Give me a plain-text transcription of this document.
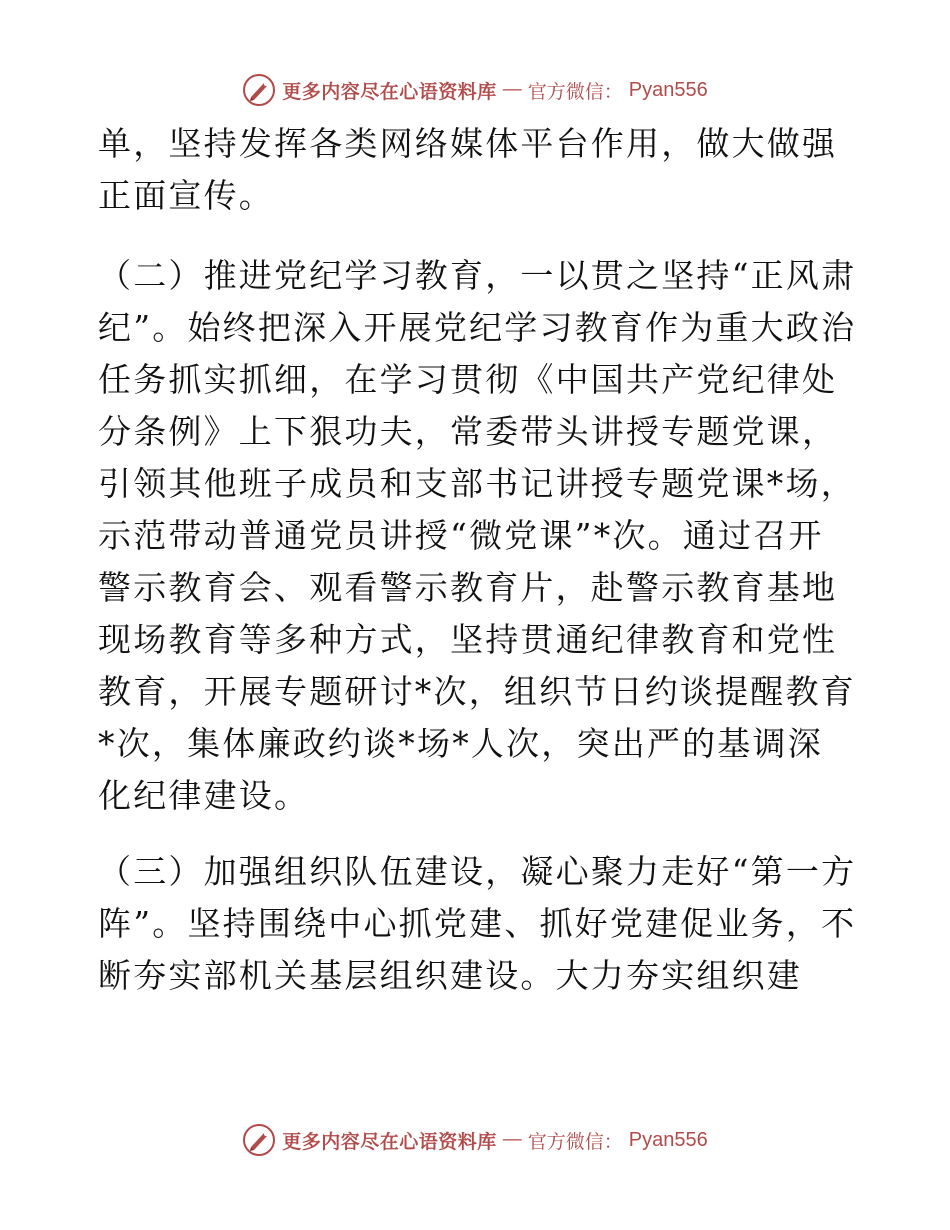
更多内容尽在心语资料库 — 官方微信： Pyan556

单，坚持发挥各类网络媒体平台作用，做大做强正面宣传。

（二）推进党纪学习教育，一以贯之坚持“正风肃纪”。始终把深入开展党纪学习教育作为重大政治任务抓实抓细，在学习贯彻《中国共产党纪律处分条例》上下狠功夫，常委带头讲授专题党课，引领其他班子成员和支部书记讲授专题党课*场，示范带动普通党员讲授“微党课”*次。通过召开警示教育会、观看警示教育片，赴警示教育基地现场教育等多种方式，坚持贯通纪律教育和党性教育，开展专题研讨*次，组织节日约谈提醒教育*次，集体廉政约谈*场*人次，突出严的基调深化纪律建设。

（三）加强组织队伍建设，凝心聚力走好“第一方阵”。坚持围绕中心抓党建、抓好党建促业务，不断夯实部机关基层组织建设。大力夯实组织建

更多内容尽在心语资料库 — 官方微信： Pyan556
